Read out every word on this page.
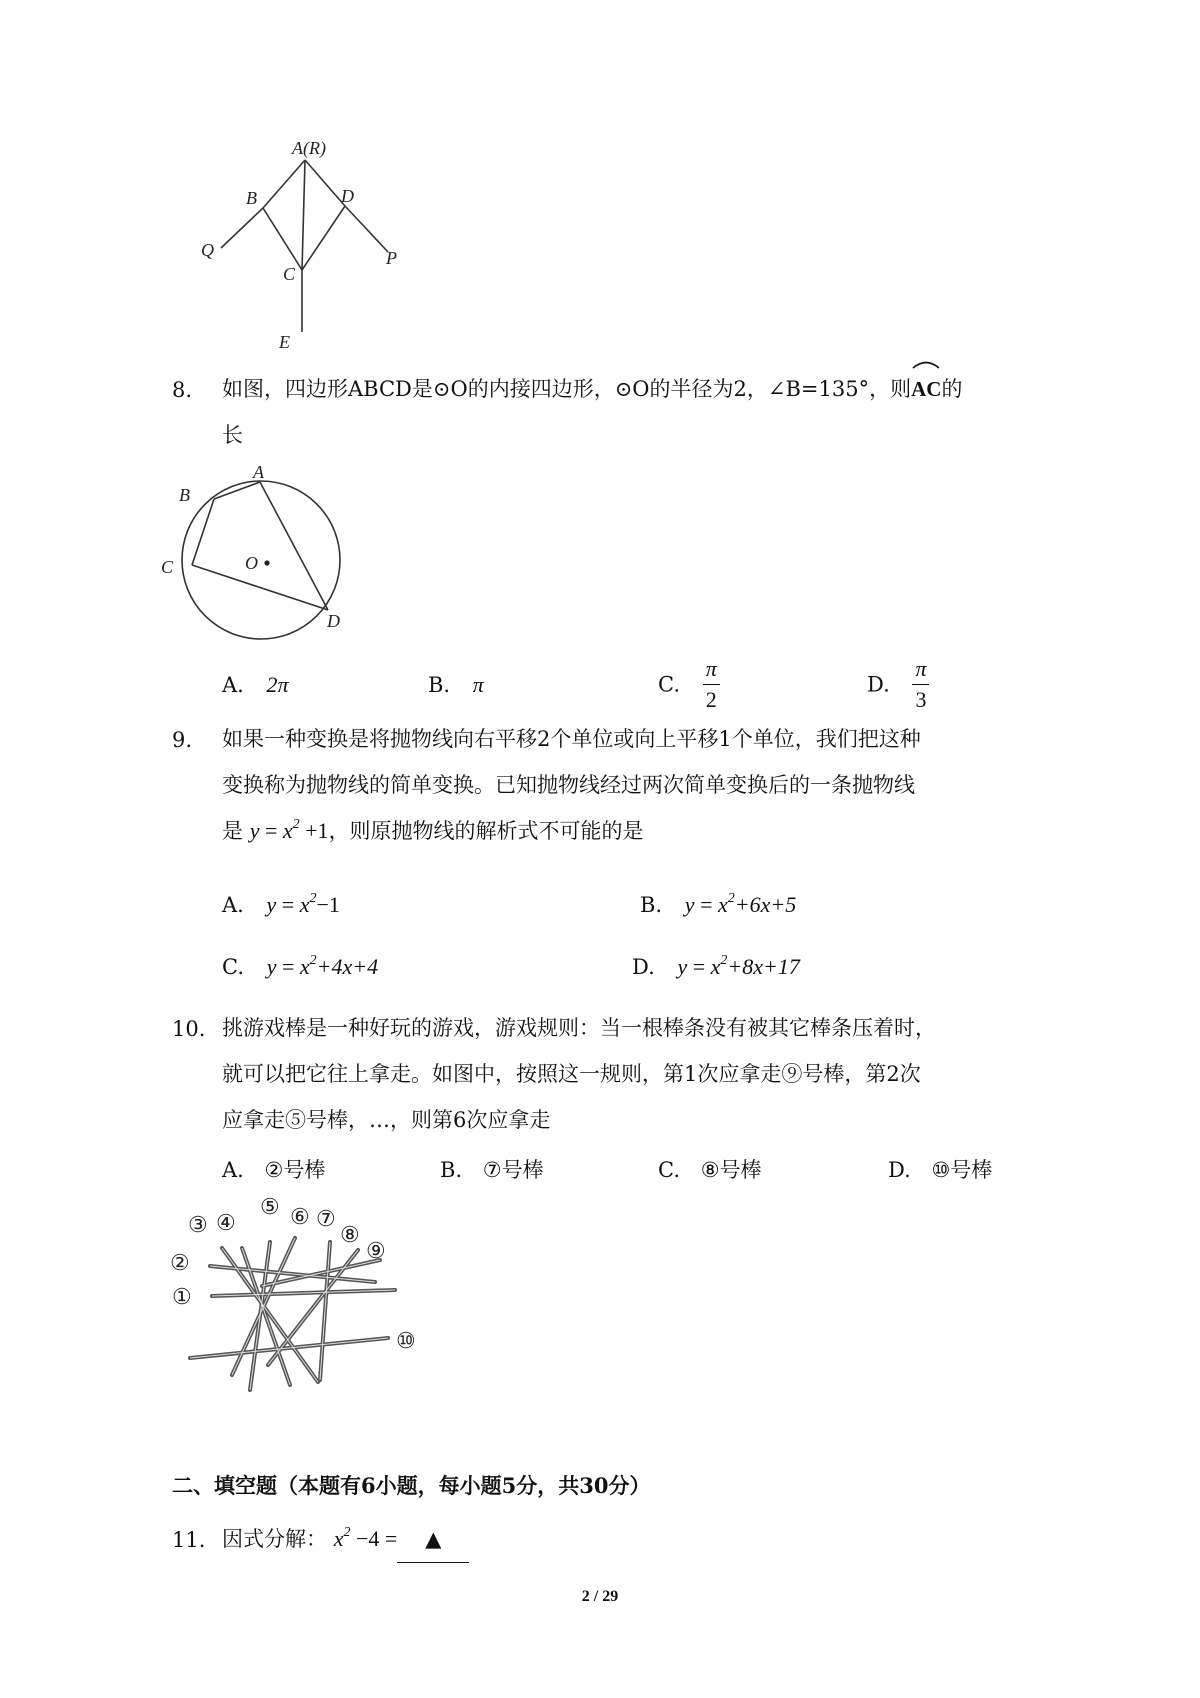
A(R)
B	D
Q	P
C
E
8. 如图，四边形ABCD是⊙O的内接四边形，⊙O的半径为2，∠B=135°，则
AC的
长
A
B
C
D
O
A. 2π	B. π	C. $\frac{\pi}{2}$	D. $\frac{\pi}{3}$
9. 如果一种变换是将抛物线向右平移2个单位或向上平移1个单位，我们把这种
变换称为抛物线的简单变换。已知抛物线经过两次简单变换后的一条抛物线
是 $y = x^2 +1$，则原抛物线的解析式不可能的是
A. $y = x^2-1$	B. $y = x^2+6x+5$
C. $y = x^2+4x+4$	D. $y = x^2+8x+17$
10. 挑游戏棒是一种好玩的游戏，游戏规则：当一根棒条没有被其它棒条压着时，
就可以把它往上拿走。如图中，按照这一规则，第1次应拿走⑨号棒，第2次
应拿走⑤号棒，…，则第6次应拿走
A. ②号棒	B. ⑦号棒	C. ⑧号棒	D. ⑩号棒
①
②
③ ④
⑤ ⑥ ⑦
⑧
⑨
⑩
二、填空题（本题有6小题，每小题5分，共30分）
11. 因式分解： $x^2 -4$ = ▲
2 / 29
